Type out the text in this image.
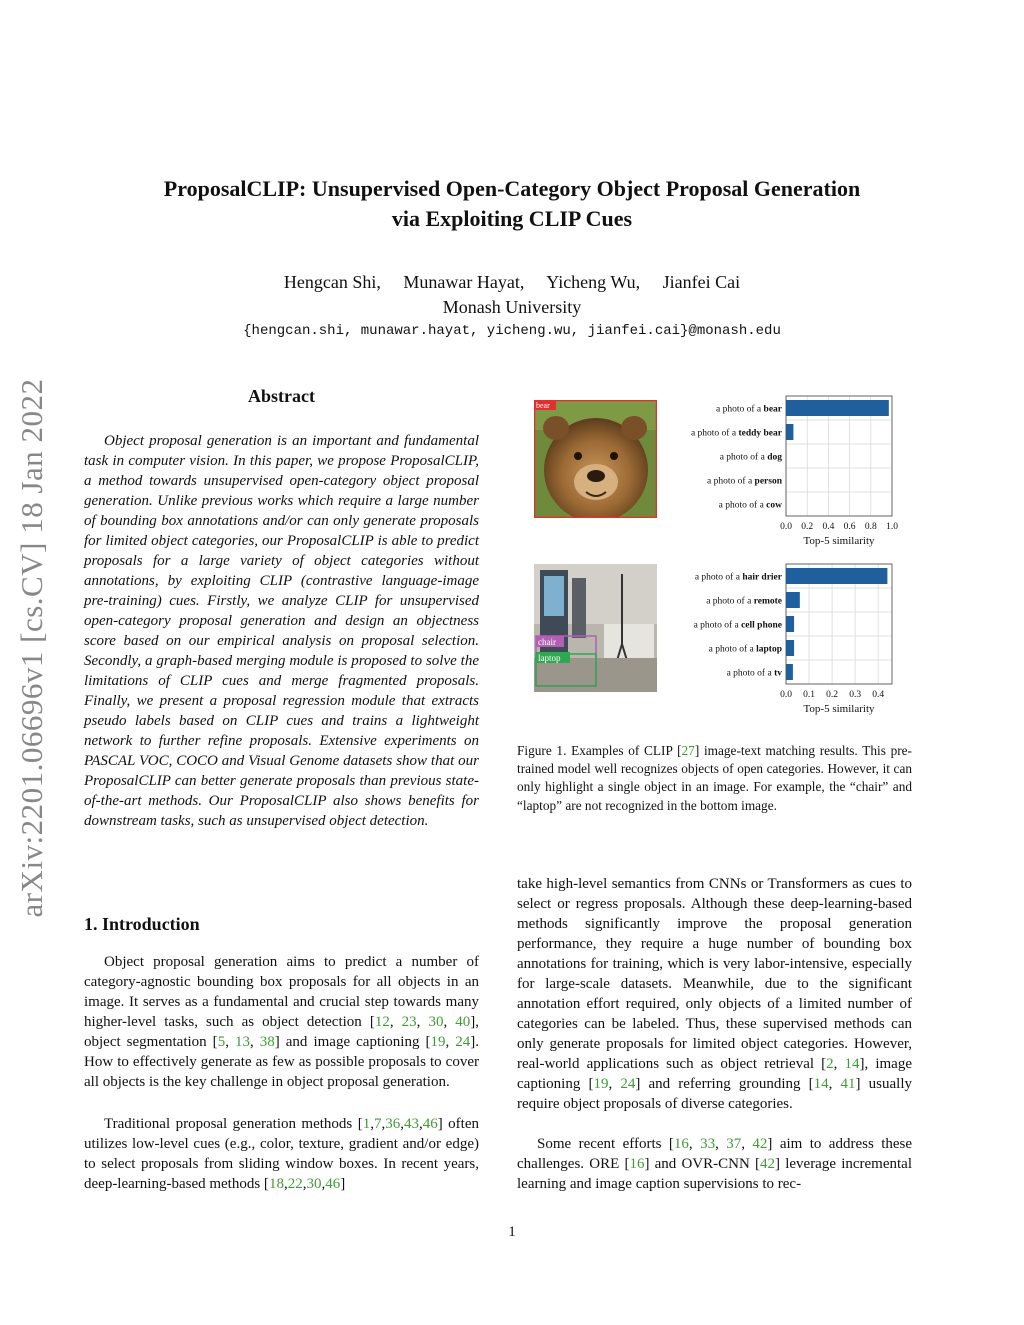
arXiv:2201.06696v1 [cs.CV] 18 Jan 2022
ProposalCLIP: Unsupervised Open-Category Object Proposal Generation
via Exploiting CLIP Cues
Hengcan Shi, Munawar Hayat, Yicheng Wu, Jianfei Cai
Monash University
{hengcan.shi, munawar.hayat, yicheng.wu, jianfei.cai}@monash.edu
Abstract
Object proposal generation is an important and fundamental task in computer vision. In this paper, we propose ProposalCLIP, a method towards unsupervised open-category object proposal generation. Unlike previous works which require a large number of bounding box annotations and/or can only generate proposals for limited object categories, our ProposalCLIP is able to predict proposals for a large variety of object categories without annotations, by exploiting CLIP (contrastive language-image pre-training) cues. Firstly, we analyze CLIP for unsupervised open-category proposal generation and design an objectness score based on our empirical analysis on proposal selection. Secondly, a graph-based merging module is proposed to solve the limitations of CLIP cues and merge fragmented proposals. Finally, we present a proposal regression module that extracts pseudo labels based on CLIP cues and trains a lightweight network to further refine proposals. Extensive experiments on PASCAL VOC, COCO and Visual Genome datasets show that our ProposalCLIP can better generate proposals than previous state-of-the-art methods. Our ProposalCLIP also shows benefits for downstream tasks, such as unsupervised object detection.
1. Introduction
Object proposal generation aims to predict a number of category-agnostic bounding box proposals for all objects in an image. It serves as a fundamental and crucial step towards many higher-level tasks, such as object detection [12, 23, 30, 40], object segmentation [5, 13, 38] and image captioning [19, 24]. How to effectively generate as few as possible proposals to cover all objects is the key challenge in object proposal generation.
Traditional proposal generation methods [1,7,36,43,46] often utilizes low-level cues (e.g., color, texture, gradient and/or edge) to select proposals from sliding window boxes. In recent years, deep-learning-based methods [18,22,30,46]
bear
chair
laptop
a photo of a bear
a photo of a teddy bear
a photo of a dog
a photo of a person
a photo of a cow
0.0 0.2 0.4 0.6 0.8 1.0
Top-5 similarity
a photo of a hair drier
a photo of a remote
a photo of a cell phone
a photo of a laptop
a photo of a tv
0.0 0.1 0.2 0.3 0.4
Top-5 similarity
Figure 1. Examples of CLIP [27] image-text matching results. This pre-trained model well recognizes objects of open categories. However, it can only highlight a single object in an image. For example, the “chair” and “laptop” are not recognized in the bottom image.
take high-level semantics from CNNs or Transformers as cues to select or regress proposals. Although these deep-learning-based methods significantly improve the proposal generation performance, they require a huge number of bounding box annotations for training, which is very labor-intensive, especially for large-scale datasets. Meanwhile, due to the significant annotation effort required, only objects of a limited number of categories can be labeled. Thus, these supervised methods can only generate proposals for limited object categories. However, real-world applications such as object retrieval [2, 14], image captioning [19, 24] and referring grounding [14, 41] usually require object proposals of diverse categories.
Some recent efforts [16, 33, 37, 42] aim to address these challenges. ORE [16] and OVR-CNN [42] leverage incremental learning and image caption supervisions to rec-
1
